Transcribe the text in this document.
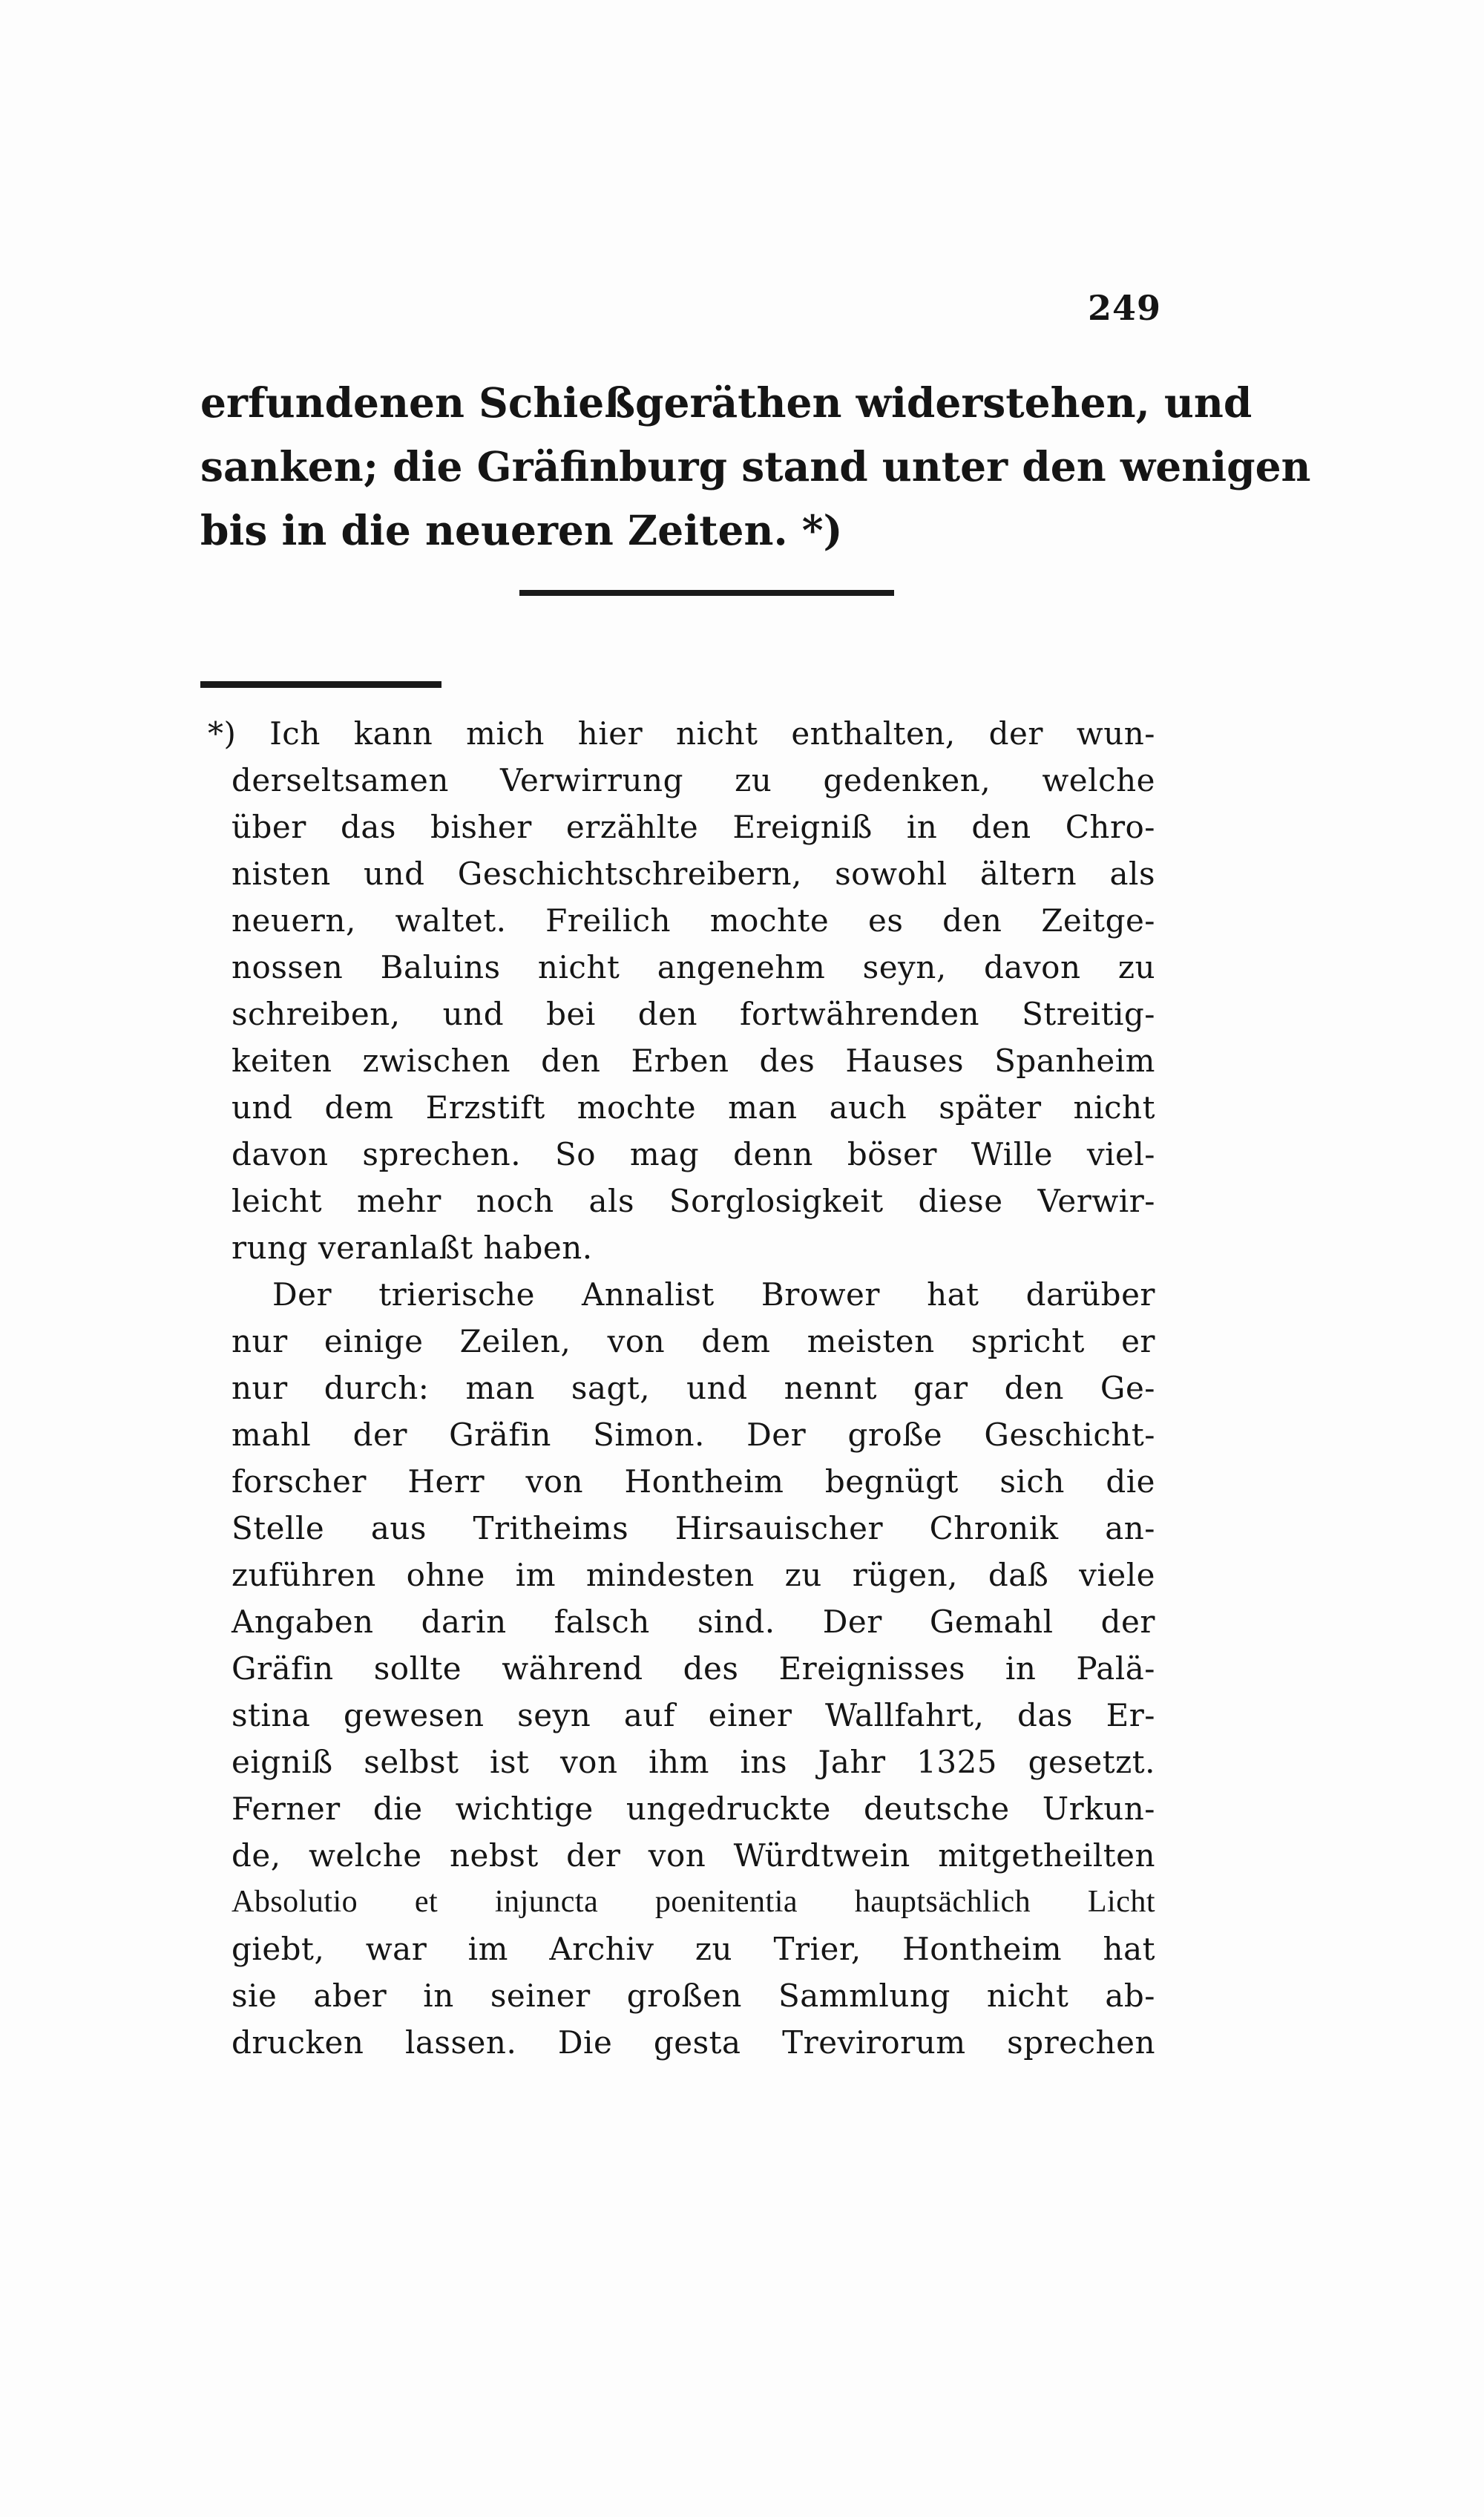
249
erfundenen Schießgeräthen widerstehen, und
sanken; die Gräfinburg stand unter den wenigen
bis in die neueren Zeiten. *)
*) Ich kann mich hier nicht enthalten, der wun-
derseltsamen Verwirrung zu gedenken, welche
über das bisher erzählte Ereigniß in den Chro-
nisten und Geschichtschreibern, sowohl ältern als
neuern, waltet. Freilich mochte es den Zeitge-
nossen Baluins nicht angenehm seyn, davon zu
schreiben, und bei den fortwährenden Streitig-
keiten zwischen den Erben des Hauses Spanheim
und dem Erzstift mochte man auch später nicht
davon sprechen. So mag denn böser Wille viel-
leicht mehr noch als Sorglosigkeit diese Verwir-
rung veranlaßt haben.
Der trierische Annalist Brower hat darüber
nur einige Zeilen, von dem meisten spricht er
nur durch: man sagt, und nennt gar den Ge-
mahl der Gräfin Simon. Der große Geschicht-
forscher Herr von Hontheim begnügt sich die
Stelle aus Tritheims Hirsauischer Chronik an-
zuführen ohne im mindesten zu rügen, daß viele
Angaben darin falsch sind. Der Gemahl der
Gräfin sollte während des Ereignisses in Palä-
stina gewesen seyn auf einer Wallfahrt, das Er-
eigniß selbst ist von ihm ins Jahr 1325 gesetzt.
Ferner die wichtige ungedruckte deutsche Urkun-
de, welche nebst der von Würdtwein mitgetheilten
Absolutio et injuncta poenitentia hauptsächlich Licht
giebt, war im Archiv zu Trier, Hontheim hat
sie aber in seiner großen Sammlung nicht ab-
drucken lassen. Die gesta Trevirorum sprechen
